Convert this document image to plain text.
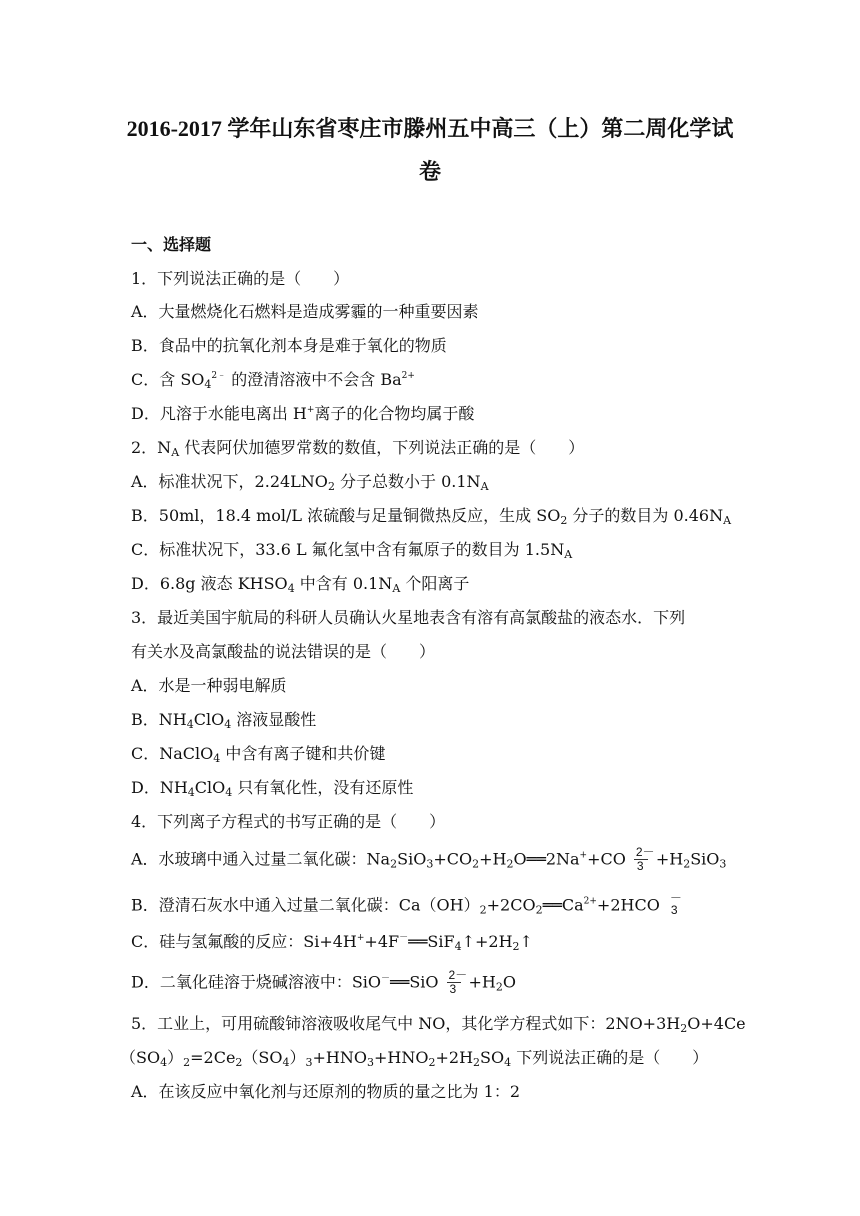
2016-2017 学年山东省枣庄市滕州五中高三（上）第二周化学试
卷
一、选择题
1．下列说法正确的是（　　）
A．大量燃烧化石燃料是造成雾霾的一种重要因素
B．食品中的抗氧化剂本身是难于氧化的物质
C．含 $SO_4^{2﹣}$ 的澄清溶液中不会含 $Ba^{2+}$
D．凡溶于水能电离出 H+离子的化合物均属于酸
2．$N_A$ 代表阿伏加德罗常数的数值，下列说法正确的是（　　）
A．标准状况下，$2.24LNO_2$ 分子总数小于 $0.1N_A$
B．50ml，18.4 mol/L 浓硫酸与足量铜微热反应，生成 $SO_2$ 分子的数目为 $0.46N_A$
C．标准状况下，33.6 L 氟化氢中含有氟原子的数目为 $1.5N_A$
D．6.8g 液态 $KHSO_4$ 中含有 $0.1N_A$ 个阳离子
3．最近美国宇航局的科研人员确认火星地表含有溶有高氯酸盐的液态水．下列
有关水及高氯酸盐的说法错误的是（　　）
A．水是一种弱电解质
B．$NH_4ClO_4$ 溶液显酸性
C．NaClO$_4$ 中含有离子键和共价键
D．$NH_4ClO_4$ 只有氧化性，没有还原性
4．下列离子方程式的书写正确的是（　　）
A．水玻璃中通入过量二氧化碳：$Na_2SiO_3+CO_2+H_2O══2Na^++CO \frac{2-}{3} +H_2SiO_3$
B．澄清石灰水中通入过量二氧化碳：$Ca(OH)_2+2CO_2══Ca^{2+}+2HCO$ －
3
C．硅与氢氟酸的反应：$Si+4H^++4F^-══SiF_4↑+2H_2↑$
D．二氧化硅溶于烧碱溶液中：SiO－══SiO $\frac{2-}{3} +H_2O$
5．工业上，可用硫酸铈溶液吸收尾气中 NO，其化学方程式如下：$2NO+3H_2O+4Ce$
$(SO_4)_2=2Ce_2(SO_4)_3+HNO_3+HNO_2+2H_2SO_4$ 下列说法正确的是（　　）
A．在该反应中氧化剂与还原剂的物质的量之比为 1：2
